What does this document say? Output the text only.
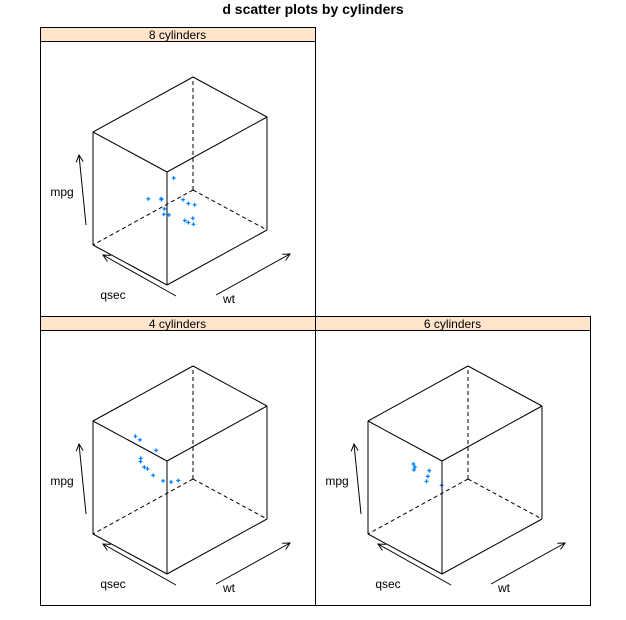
d scatter plots by cylinders
8 cylinders
wt
qsec
mpg
4 cylinders
wt
qsec
mpg
6 cylinders
wt
qsec
mpg
